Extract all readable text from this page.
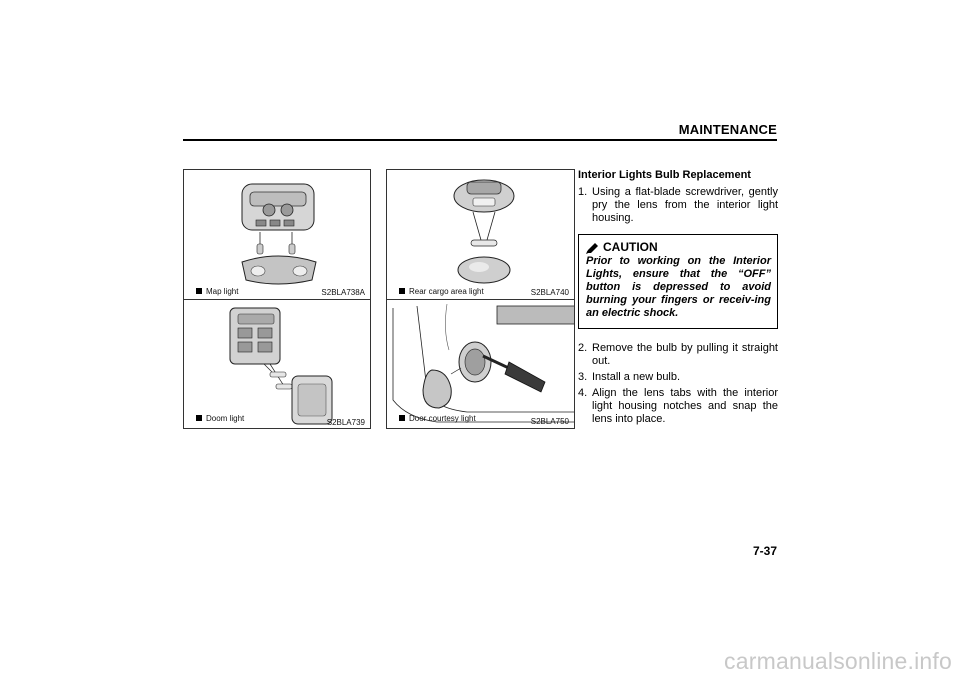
MAINTENANCE
Map light	S2BLA738A	Rear cargo area light	S2BLA740
Doom light	S2BLA739	Door courtesy light	S2BLA750
Interior Lights Bulb Replacement
1. Using a flat-blade screwdriver, gently pry the lens from the interior light housing.
CAUTION
Prior to working on the Interior Lights, ensure that the “OFF” button is depressed to avoid burning your fingers or receiv-ing an electric shock.
2. Remove the bulb by pulling it straight out.
3. Install a new bulb.
4. Align the lens tabs with the interior light housing notches and snap the lens into place.
7-37
carmanualsonline.info
